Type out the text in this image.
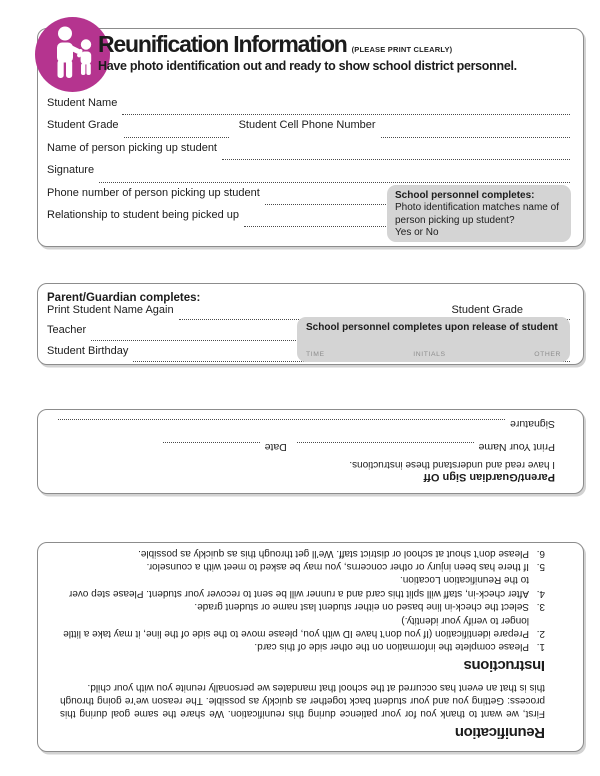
Reunification Information (PLEASE PRINT CLEARLY)
Have photo identification out and ready to show school district personnel.
Student Name
Student Grade	Student Cell Phone Number
Name of person picking up student
Signature
Phone number of person picking up student
Relationship to student being picked up
School personnel completes:
Photo identification matches name of person picking up student?
Yes or No
Parent/Guardian completes:
Print Student Name Again	Student Grade
Teacher
Student Birthday
School personnel completes upon release of student
TIME	INITIALS	OTHER
Parent/Guardian Sign Off
I have read and understand these instructions.
Print Your Name
Date
Signature
Reunification
First, we want to thank you for your patience during this reunification. We share the same goal during this process: Getting you and your student back together as quickly as possible. The reason we’re going through this is that an event has occurred at the school that mandates we personally reunite you with your child.
Instructions
1.
Please complete the information on the other side of this card.
2.
Prepare identification (If you don’t have ID with you, please move to the side of the line, it may take a little longer to verify your identity.)
3.
Select the check-in line based on either student last name or student grade.
4.
After check-in, staff will split this card and a runner will be sent to recover your student. Please step over to the Reunification Location.
5.
If there has been injury or other concerns, you may be asked to meet with a counselor.
6.
Please don’t shout at school or district staff. We’ll get through this as quickly as possible.
